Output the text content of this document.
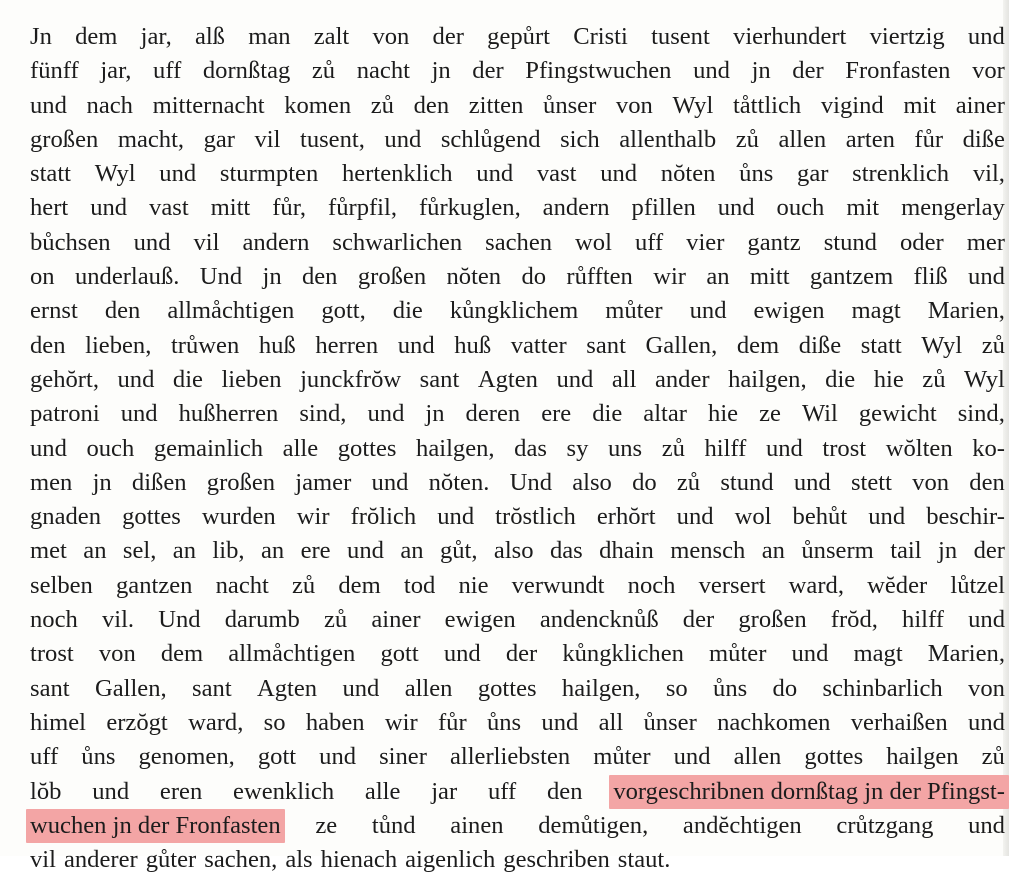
Jn dem jar, alß man zalt von der gepůrt Cristi tusent vierhundert viertzig und
fünff jar, uff dornßtag zů nacht jn der Pfingstwuchen und jn der Fronfasten vor
und nach mitternacht komen zů den zitten ůnser von Wyl tåttlich vigind mit ainer
großen macht, gar vil tusent, und schlůgend sich allenthalb zů allen arten fůr diße
statt Wyl und sturmpten hertenklich und vast und nŏten ůns gar strenklich vil,
hert und vast mitt fůr, fůrpfil, fůrkuglen, andern pfillen und ouch mit mengerlay
bůchsen und vil andern schwarlichen sachen wol uff vier gantz stund oder mer
on underlauß. Und jn den großen nŏten do růfften wir an mitt gantzem fliß und
ernst den allmåchtigen gott, die kůngklichem můter und ewigen magt Marien,
den lieben, trůwen huß herren und huß vatter sant Gallen, dem diße statt Wyl zů
gehŏrt, und die lieben junckfrŏw sant Agten und all ander hailgen, die hie zů Wyl
patroni und hußherren sind, und jn deren ere die altar hie ze Wil gewicht sind,
und ouch gemainlich alle gottes hailgen, das sy uns zů hilff und trost wŏlten ko-
men jn dißen großen jamer und nŏten. Und also do zů stund und stett von den
gnaden gottes wurden wir frŏlich und trŏstlich erhŏrt und wol behůt und beschir-
met an sel, an lib, an ere und an gůt, also das dhain mensch an ůnserm tail jn der
selben gantzen nacht zů dem tod nie verwundt noch versert ward, wĕder lůtzel
noch vil. Und darumb zů ainer ewigen andencknůß der großen frŏd, hilff und
trost von dem allmåchtigen gott und der kůngklichen můter und magt Marien,
sant Gallen, sant Agten und allen gottes hailgen, so ůns do schinbarlich von
himel erzŏgt ward, so haben wir fůr ůns und all ůnser nachkomen verhaißen und
uff ůns genomen, gott und siner allerliebsten můter und allen gottes hailgen zů
lŏb und eren ewenklich alle jar uff den vorgeschribnen dornßtag jn der Pfingst-
wuchen jn der Fronfasten ze tůnd ainen demůtigen, andĕchtigen crůtzgang und
vil anderer gůter sachen, als hienach aigenlich geschriben staut.
